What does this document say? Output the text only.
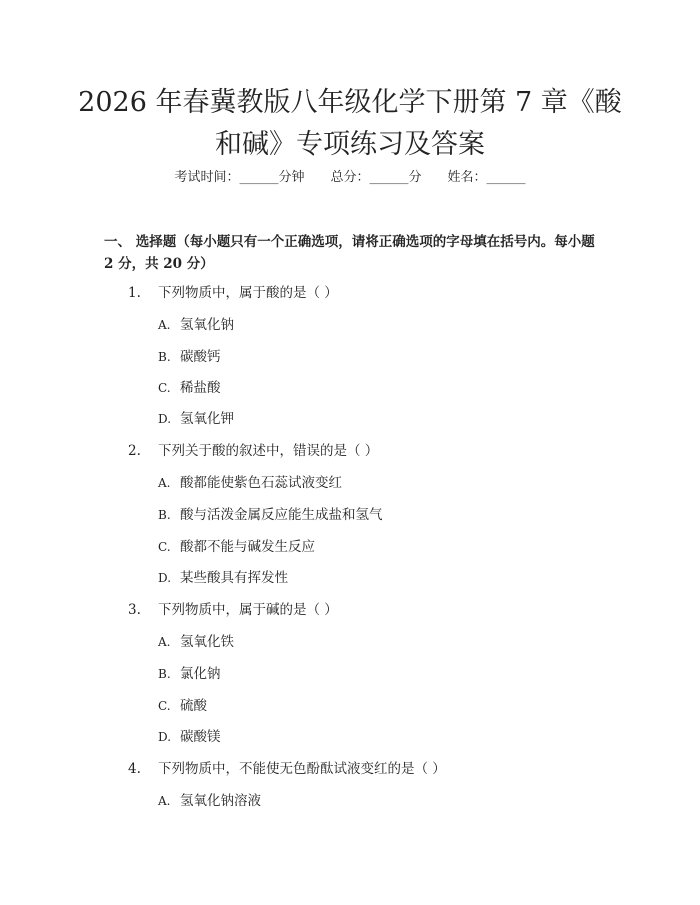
2026 年春冀教版八年级化学下册第 7 章《酸
和碱》专项练习及答案
考试时间：______分钟 总分：______分 姓名：______
一、 选择题（每小题只有一个正确选项，请将正确选项的字母填在括号内。每小题 2 分，共 20 分）
1. 下列物质中，属于酸的是（ ）
A. 氢氧化钠
B. 碳酸钙
C. 稀盐酸
D. 氢氧化钾
2. 下列关于酸的叙述中，错误的是（ ）
A. 酸都能使紫色石蕊试液变红
B. 酸与活泼金属反应能生成盐和氢气
C. 酸都不能与碱发生反应
D. 某些酸具有挥发性
3. 下列物质中，属于碱的是（ ）
A. 氢氧化铁
B. 氯化钠
C. 硫酸
D. 碳酸镁
4. 下列物质中，不能使无色酚酞试液变红的是（ ）
A. 氢氧化钠溶液
